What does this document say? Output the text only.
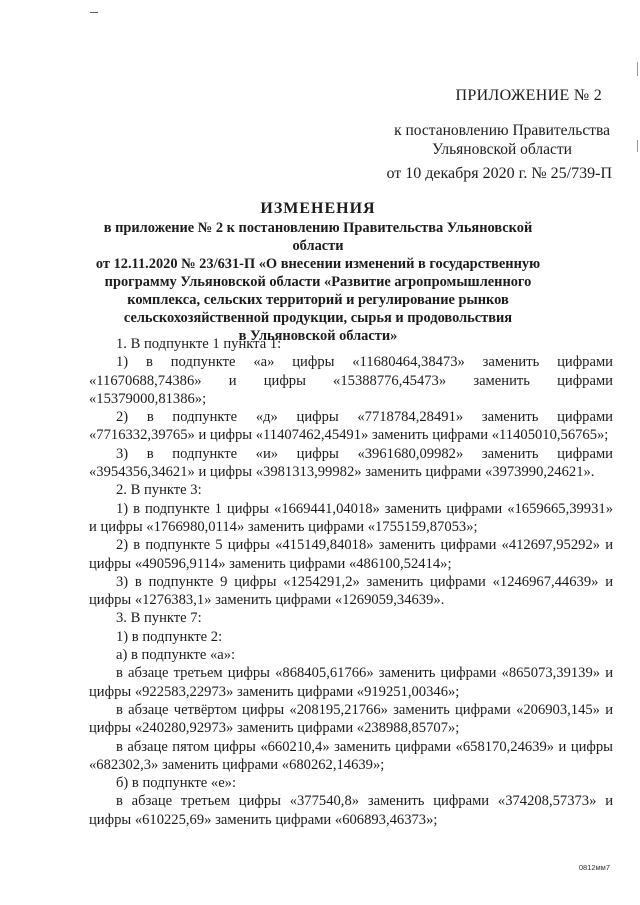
ПРИЛОЖЕНИЕ № 2
к постановлению Правительства
Ульяновской области
от 10 декабря 2020 г. № 25/739-П
ИЗМЕНЕНИЯ
в приложение № 2 к постановлению Правительства Ульяновской области
от 12.11.2020 № 23/631-П «О внесении изменений в государственную
программу Ульяновской области «Развитие агропромышленного
комплекса, сельских территорий и регулирование рынков
сельскохозяйственной продукции, сырья и продовольствия
в Ульяновской области»

1. В подпункте 1 пункта 1:

1) в подпункте «а» цифры «11680464,38473» заменить цифрами «11670688,74386» и цифры «15388776,45473» заменить цифрами «15379000,81386»;

2) в подпункте «д» цифры «7718784,28491» заменить цифрами «7716332,39765» и цифры «11407462,45491» заменить цифрами «11405010,56765»;

3) в подпункте «и» цифры «3961680,09982» заменить цифрами «3954356,34621» и цифры «3981313,99982» заменить цифрами «3973990,24621».

2. В пункте 3:

1) в подпункте 1 цифры «1669441,04018» заменить цифрами «1659665,39931» и цифры «1766980,0114» заменить цифрами «1755159,87053»;

2) в подпункте 5 цифры «415149,84018» заменить цифрами «412697,95292» и цифры «490596,9114» заменить цифрами «486100,52414»;

3) в подпункте 9 цифры «1254291,2» заменить цифрами «1246967,44639» и цифры «1276383,1» заменить цифрами «1269059,34639».

3. В пункте 7:

1) в подпункте 2:

а) в подпункте «а»:

в абзаце третьем цифры «868405,61766» заменить цифрами «865073,39139» и цифры «922583,22973» заменить цифрами «919251,00346»;

в абзаце четвёртом цифры «208195,21766» заменить цифрами «206903,145» и цифры «240280,92973» заменить цифрами «238988,85707»;

в абзаце пятом цифры «660210,4» заменить цифрами «658170,24639» и цифры «682302,3» заменить цифрами «680262,14639»;

б) в подпункте «е»:

в абзаце третьем цифры «377540,8» заменить цифрами «374208,57373» и цифры «610225,69» заменить цифрами «606893,46373»;

0812мм7
